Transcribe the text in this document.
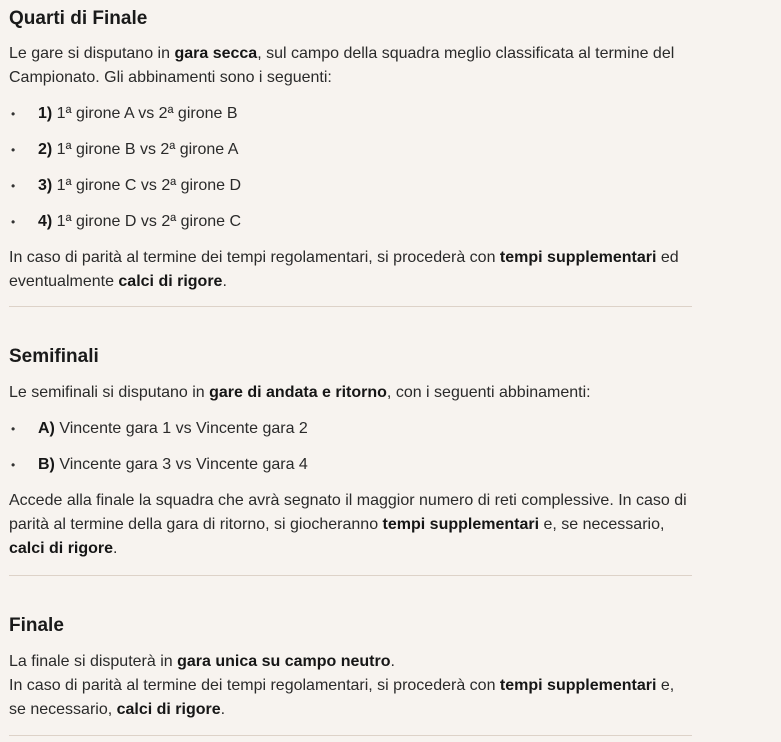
Quarti di Finale

Le gare si disputano in gara secca, sul campo della squadra meglio classificata al termine del Campionato. Gli abbinamenti sono i seguenti:

• 1) 1ª girone A vs 2ª girone B
• 2) 1ª girone B vs 2ª girone A
• 3) 1ª girone C vs 2ª girone D
• 4) 1ª girone D vs 2ª girone C

In caso di parità al termine dei tempi regolamentari, si procederà con tempi supplementari ed eventualmente calci di rigore.

Semifinali

Le semifinali si disputano in gare di andata e ritorno, con i seguenti abbinamenti:

• A) Vincente gara 1 vs Vincente gara 2
• B) Vincente gara 3 vs Vincente gara 4

Accede alla finale la squadra che avrà segnato il maggior numero di reti complessive. In caso di parità al termine della gara di ritorno, si giocheranno tempi supplementari e, se necessario, calci di rigore.

Finale

La finale si disputerà in gara unica su campo neutro.
In caso di parità al termine dei tempi regolamentari, si procederà con tempi supplementari e, se necessario, calci di rigore.
